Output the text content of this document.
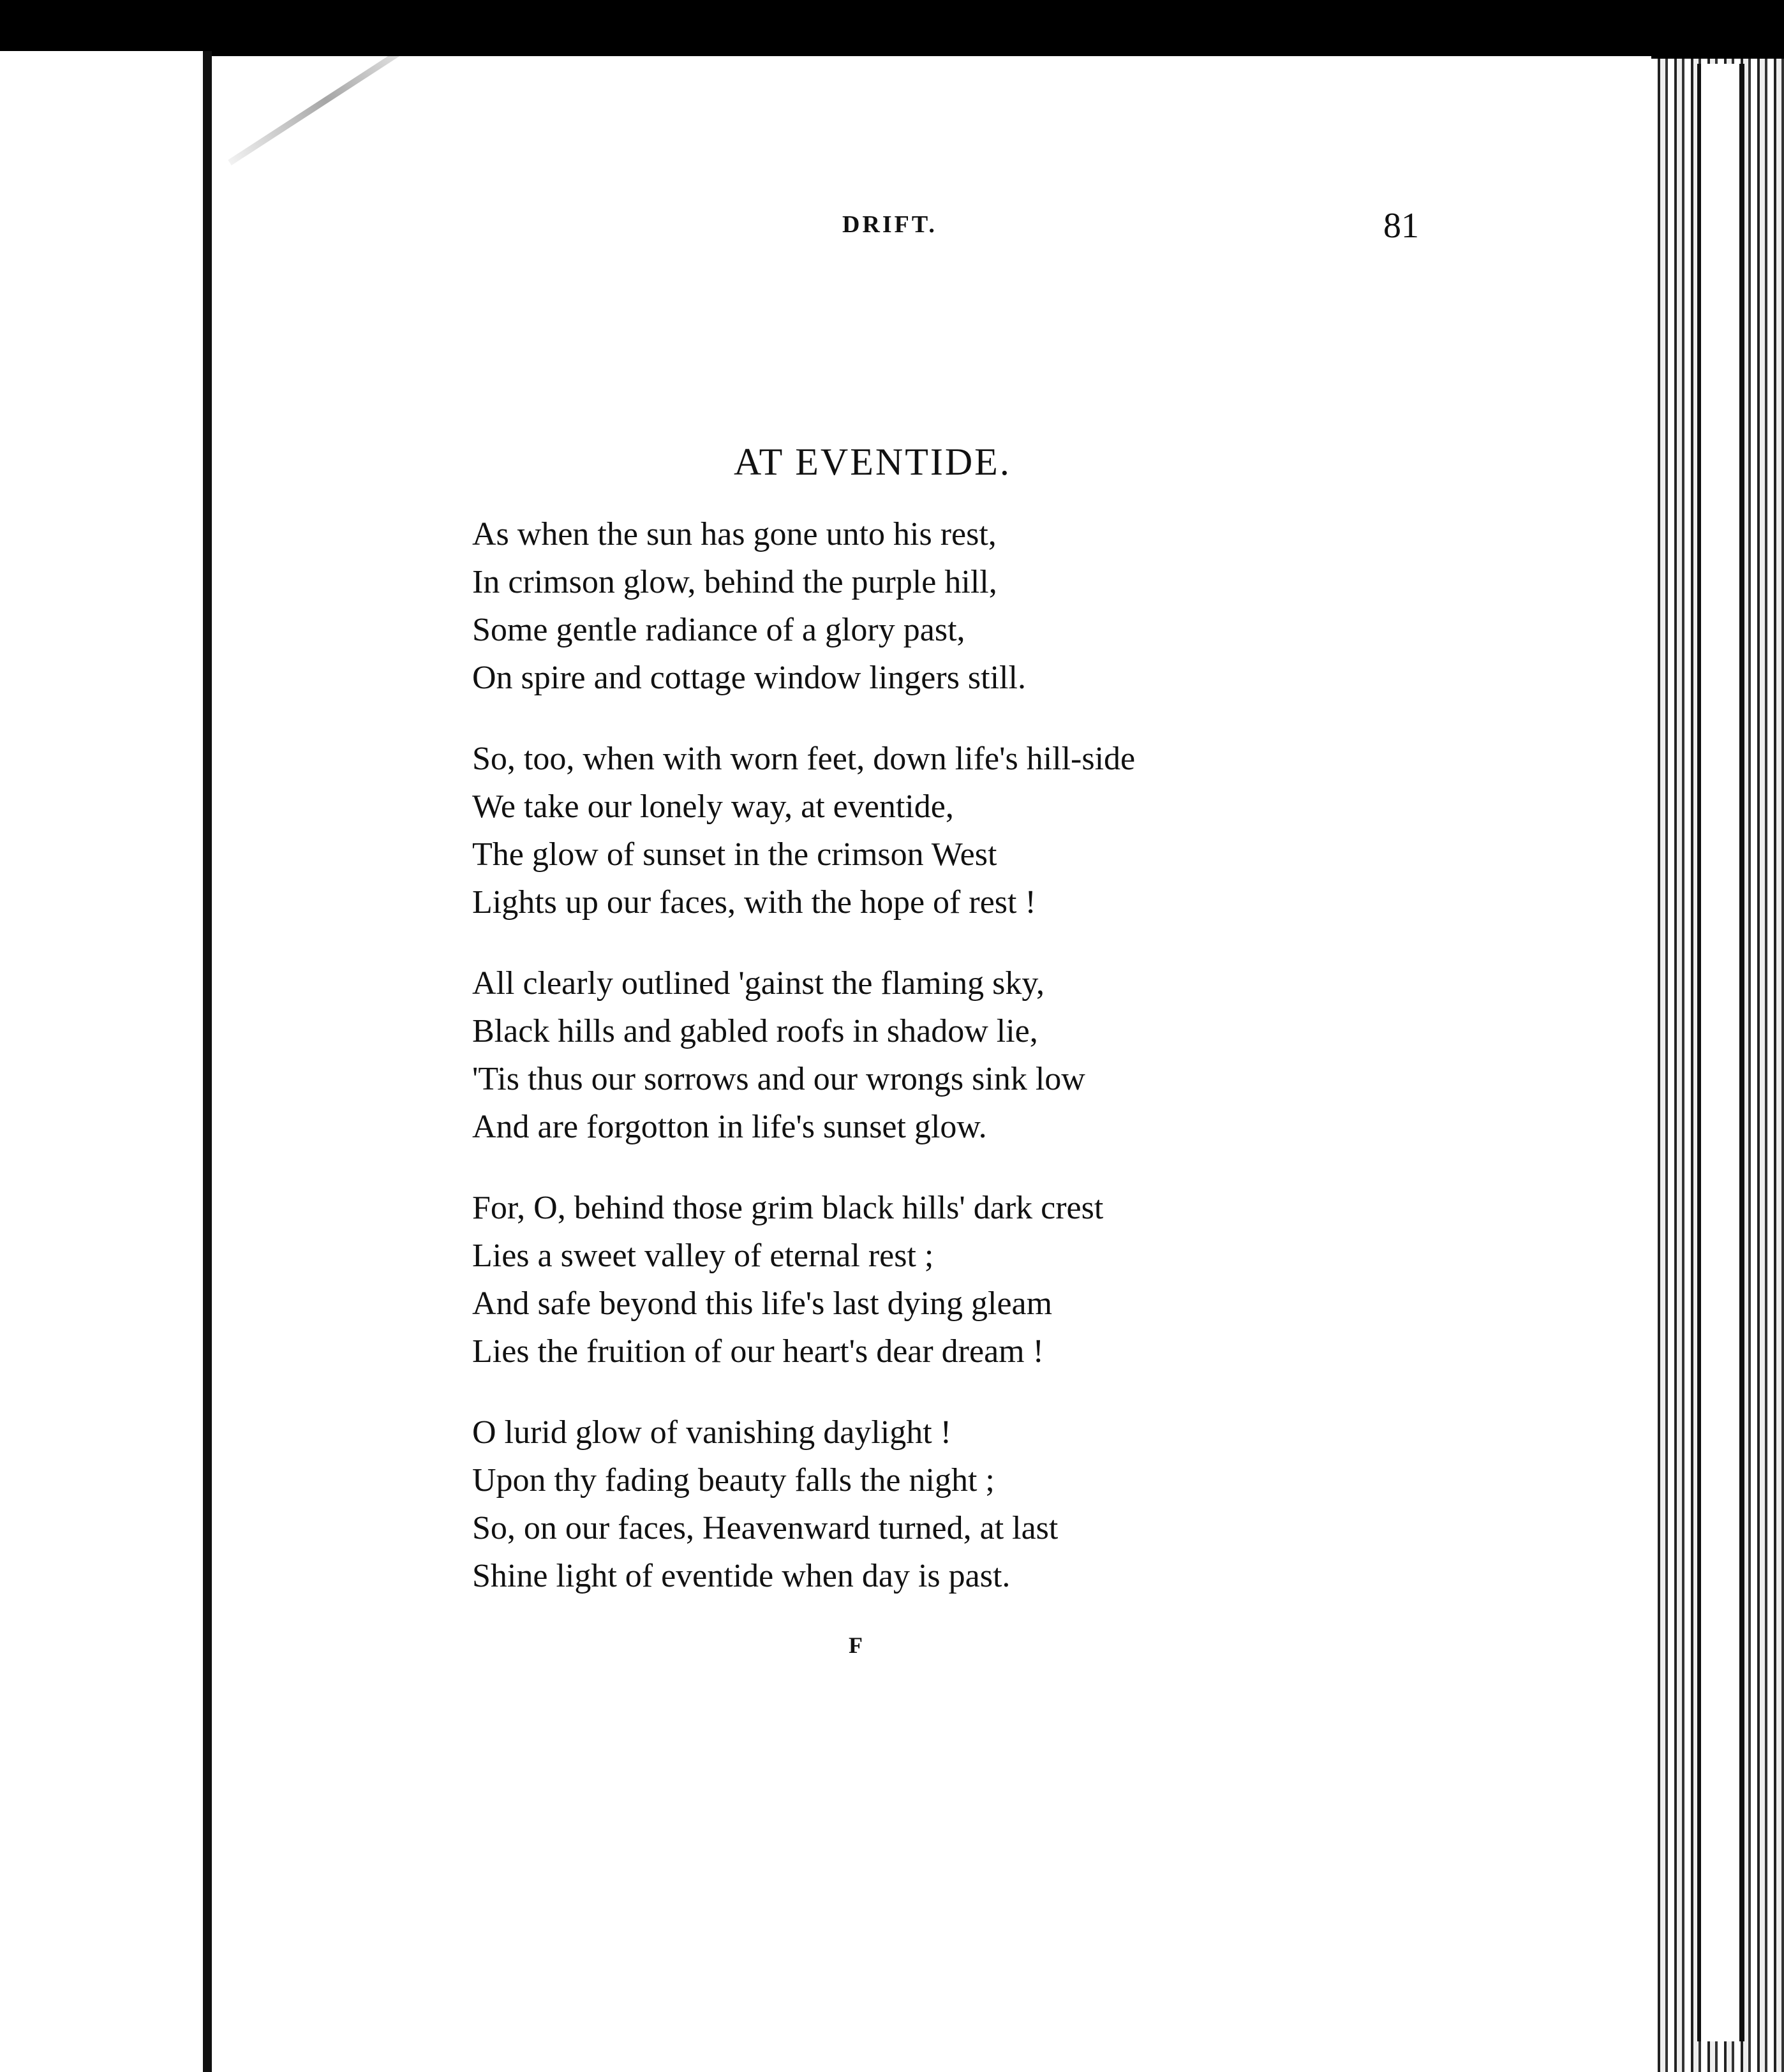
DRIFT.	81
AT EVENTIDE.
As when the sun has gone unto his rest,
In crimson glow, behind the purple hill,
Some gentle radiance of a glory past,
On spire and cottage window lingers still.
So, too, when with worn feet, down life's hill-side
We take our lonely way, at eventide,
The glow of sunset in the crimson West
Lights up our faces, with the hope of rest !
All clearly outlined 'gainst the flaming sky,
Black hills and gabled roofs in shadow lie,
'Tis thus our sorrows and our wrongs sink low
And are forgotton in life's sunset glow.
For, O, behind those grim black hills' dark crest
Lies a sweet valley of eternal rest ;
And safe beyond this life's last dying gleam
Lies the fruition of our heart's dear dream !
O lurid glow of vanishing daylight !
Upon thy fading beauty falls the night ;
So, on our faces, Heavenward turned, at last
Shine light of eventide when day is past.
F
